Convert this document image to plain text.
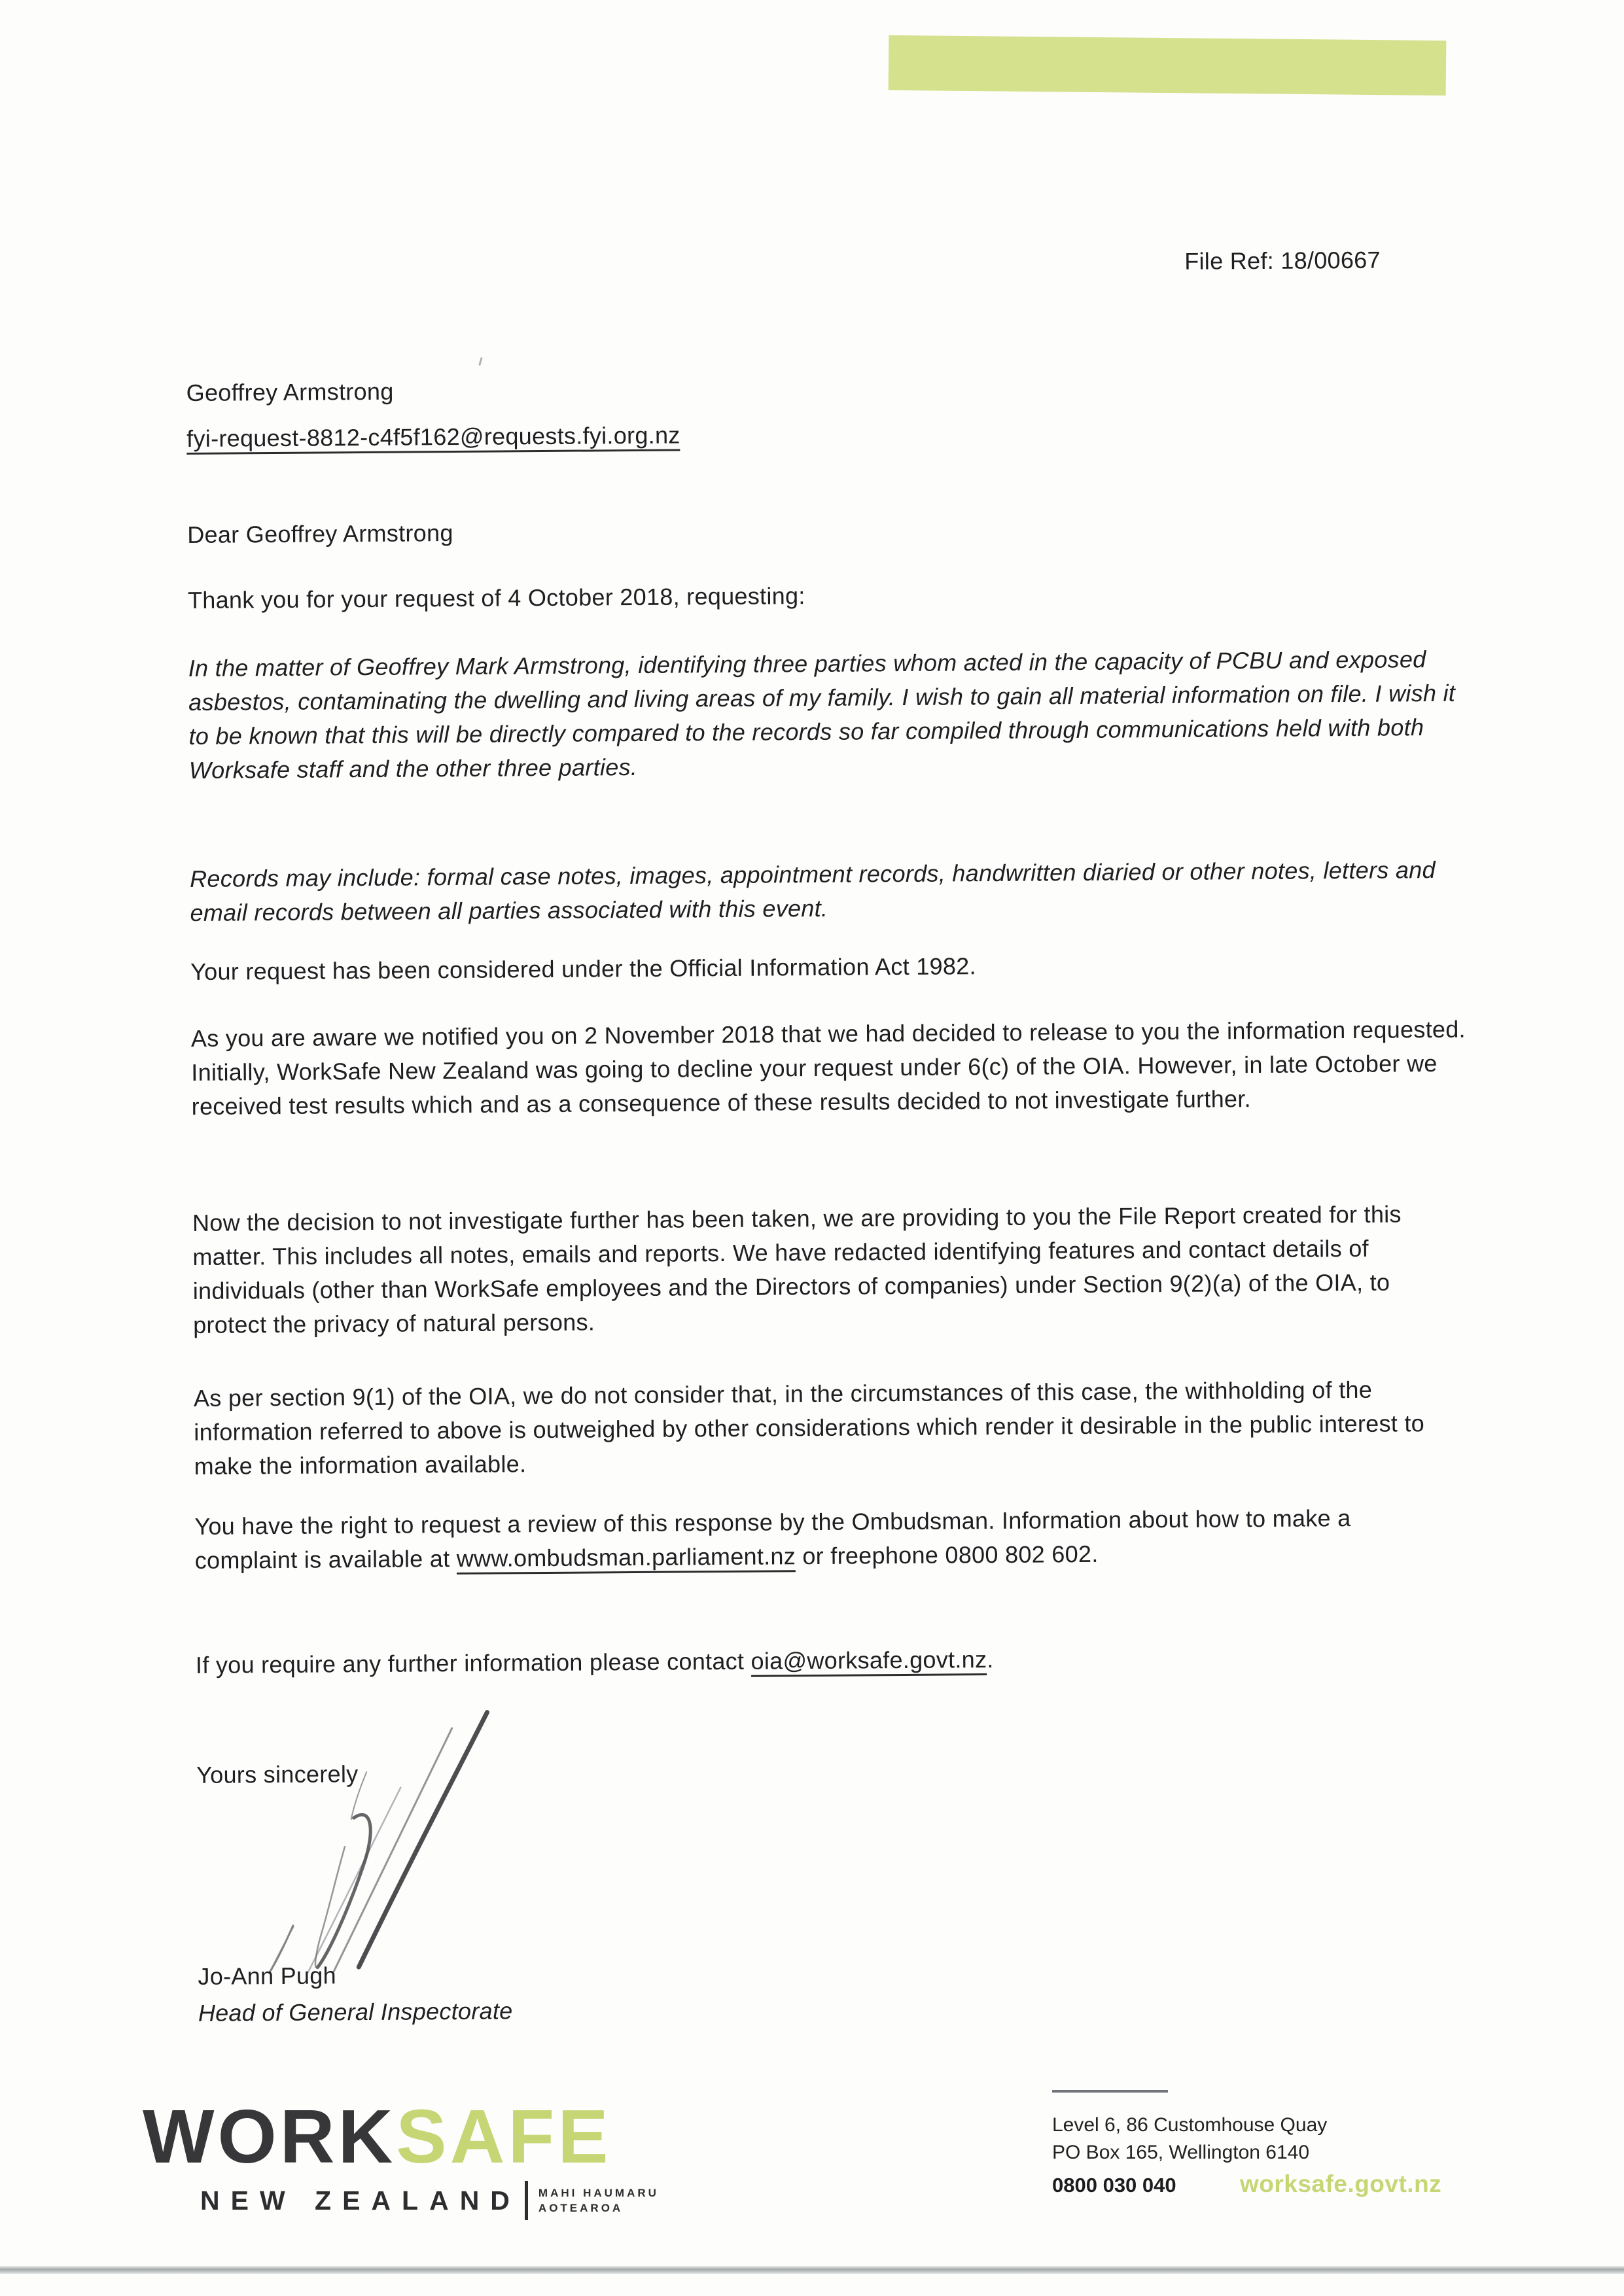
File Ref: 18/00667

Geoffrey Armstrong

fyi-request-8812-c4f5f162@requests.fyi.org.nz

Dear Geoffrey Armstrong

Thank you for your request of 4 October 2018, requesting:

In the matter of Geoffrey Mark Armstrong, identifying three parties whom acted in the capacity of PCBU and exposed asbestos, contaminating the dwelling and living areas of my family. I wish to gain all material information on file. I wish it to be known that this will be directly compared to the records so far compiled through communications held with both Worksafe staff and the other three parties.

Records may include: formal case notes, images, appointment records, handwritten diaried or other notes, letters and email records between all parties associated with this event.

Your request has been considered under the Official Information Act 1982.

As you are aware we notified you on 2 November 2018 that we had decided to release to you the information requested. Initially, WorkSafe New Zealand was going to decline your request under 6(c) of the OIA. However, in late October we received test results which and as a consequence of these results decided to not investigate further.

Now the decision to not investigate further has been taken, we are providing to you the File Report created for this matter. This includes all notes, emails and reports. We have redacted identifying features and contact details of individuals (other than WorkSafe employees and the Directors of companies) under Section 9(2)(a) of the OIA, to protect the privacy of natural persons.

As per section 9(1) of the OIA, we do not consider that, in the circumstances of this case, the withholding of the information referred to above is outweighed by other considerations which render it desirable in the public interest to make the information available.

You have the right to request a review of this response by the Ombudsman. Information about how to make a complaint is available at www.ombudsman.parliament.nz or freephone 0800 802 602.

If you require any further information please contact oia@worksafe.govt.nz.

Yours sincerely

Jo-Ann Pugh

Head of General Inspectorate

WORKSAFE
NEW ZEALAND MAHI HAUMARU
AOTEAROA
Level 6, 86 Customhouse Quay
PO Box 165, Wellington 6140
0800 030 040	worksafe.govt.nz
